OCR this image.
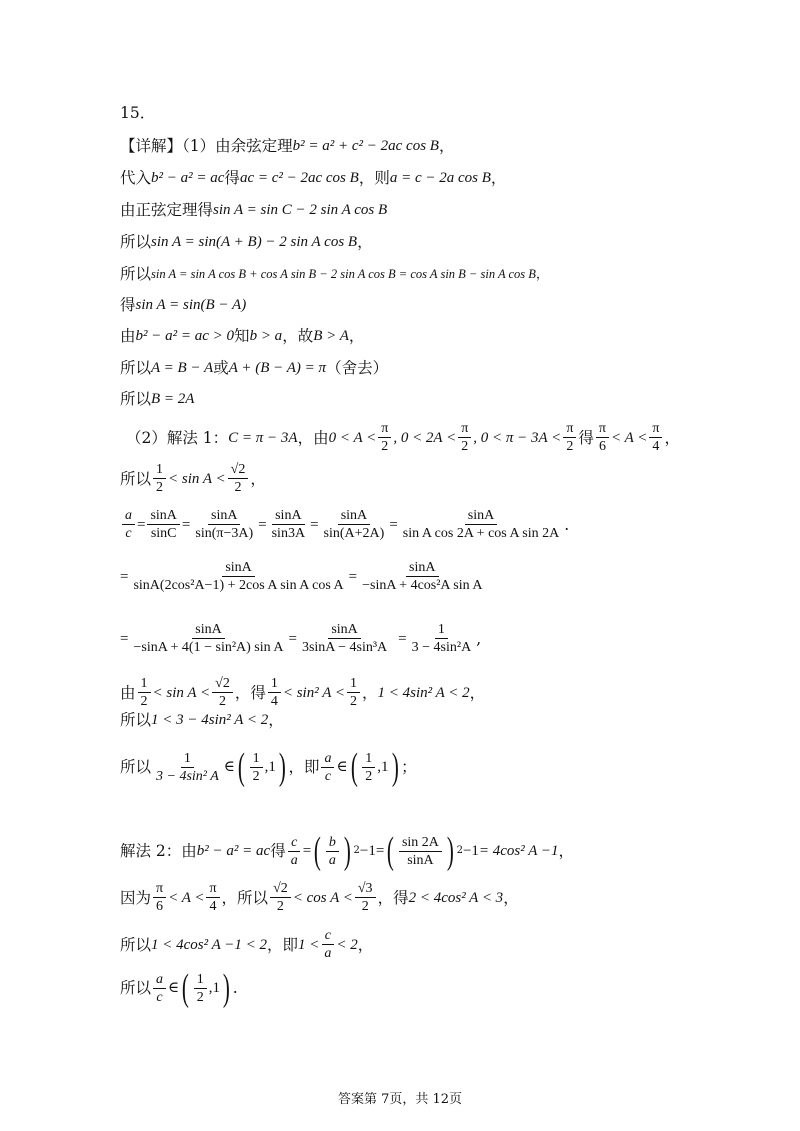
15．
【详解】（1）由余弦定理 b² = a² + c² − 2ac cos B ，
代入 b² − a² = ac 得 ac = c² − 2ac cos B ，则 a = c − 2a cos B ，
由正弦定理得 sin A = sin C − 2 sin A cos B
所以 sin A = sin(A + B) − 2 sin A cos B ，
所以 sin A = sin A cos B + cos A sin B − 2 sin A cos B = cos A sin B − sin A cos B ，
得 sin A = sin(B − A)
由 b² − a² = ac > 0 知 b > a ，故 B > A ，
所以 A = B − A 或 A + (B − A) = π （舍去）
所以 B = 2A
（2）解法 1： C = π − 3A ，由 0 < A <
π
2
, 0 < 2A <
π
2
, 0 < π − 3A <
π
2 得 π
6
< A <
π
4 ，
所以 1
2
< sin A <
√2
2 ，
$\frac{a}{c} = \frac{\sin A}{\sin C} = \frac{\sin A}{\sin(\pi-3A)} = \frac{\sin A}{\sin 3A} = \frac{\sin A}{\sin(A+2A)} = \frac{\sin A}{\text{sin A cos 2A + cos A sin 2A}}$ .
= $\frac{\sin A}{\text{sinA(2cos²A−1) + 2cos A sin A cos A}} = \frac{\sin A}{\text{−sinA + 4cos²A sin A}}$
= $\frac{\sin A}{\text{−sinA + 4(1 − sin²A) sin A}} = \frac{\sin A}{\text{3sinA − 4sin³A}} = \frac{1}{\text{3 − 4sin²A}}$ ,
由 1
2
< sin A <
√2
2 ，得 1
4
< sin² A <
1
2 ， 1 < 4sin² A < 2 ，
所以 1 < 3 − 4sin² A < 2 ，
所以 1
3 − 4sin² A
∈ ( 1
2
,1 ) ，即 a
c
∈ ( 1
2
,1 ) ；
解法 2：由 b² − a² = ac 得 $\frac{c}{a}$ = ( b
a ) 2 −1= ( sin 2A
sinA ) 2 −1 = 4cos² A −1 ，
因为 π
6
< A <
π
4 ，所以 √2
2
< cos A <
√3
2 ，得 2 < 4cos² A < 3 ，
所以 1 < 4cos² A −1 < 2 ，即 1 <
c
a
< 2 ，
所以 a
c
∈ ( 1
2
,1 ) .
答案第 7页，共 12页
